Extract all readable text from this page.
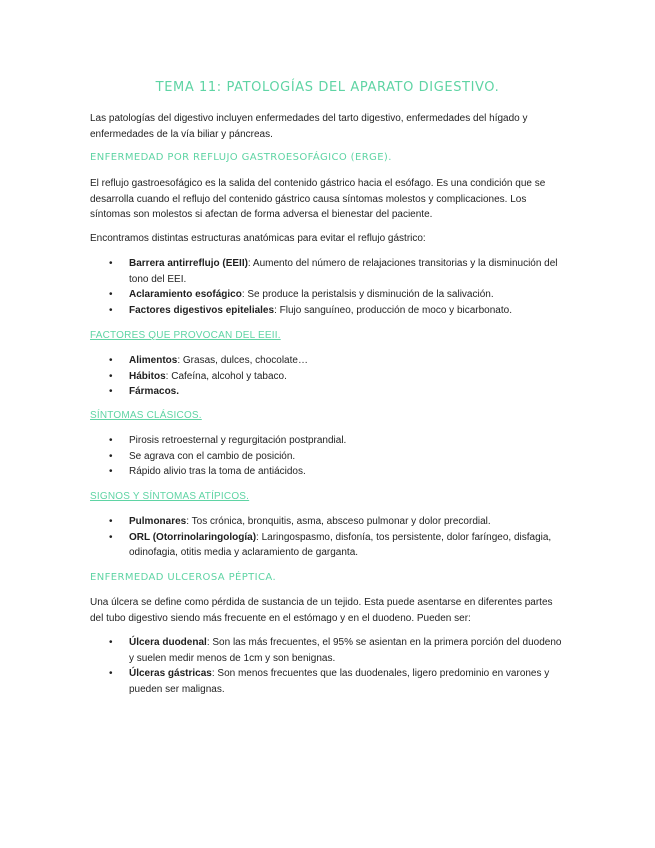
TEMA 11: PATOLOGÍAS DEL APARATO DIGESTIVO.

Las patologías del digestivo incluyen enfermedades del tarto digestivo, enfermedades del hígado y enfermedades de la vía biliar y páncreas.

ENFERMEDAD POR REFLUJO GASTROESOFÁGICO (ERGE).

El reflujo gastroesofágico es la salida del contenido gástrico hacia el esófago. Es una condición que se desarrolla cuando el reflujo del contenido gástrico causa síntomas molestos y complicaciones. Los síntomas son molestos si afectan de forma adversa el bienestar del paciente.

Encontramos distintas estructuras anatómicas para evitar el reflujo gástrico:

• Barrera antirreflujo (EEII): Aumento del número de relajaciones transitorias y la disminución del tono del EEI.
• Aclaramiento esofágico: Se produce la peristalsis y disminución de la salivación.
• Factores digestivos epiteliales: Flujo sanguíneo, producción de moco y bicarbonato.
FACTORES QUE PROVOCAN DEL EEII.
• Alimentos: Grasas, dulces, chocolate…
• Hábitos: Cafeína, alcohol y tabaco.
• Fármacos.
SÍNTOMAS CLÁSICOS.
• Pirosis retroesternal y regurgitación postprandial.
• Se agrava con el cambio de posición.
• Rápido alivio tras la toma de antiácidos.
SIGNOS Y SÍNTOMAS ATÍPICOS.
• Pulmonares: Tos crónica, bronquitis, asma, absceso pulmonar y dolor precordial.
• ORL (Otorrinolaringología): Laringospasmo, disfonía, tos persistente, dolor faríngeo, disfagia, odinofagia, otitis media y aclaramiento de garganta.
ENFERMEDAD ULCEROSA PÉPTICA.

Una úlcera se define como pérdida de sustancia de un tejido. Esta puede asentarse en diferentes partes del tubo digestivo siendo más frecuente en el estómago y en el duodeno. Pueden ser:

• Úlcera duodenal: Son las más frecuentes, el 95% se asientan en la primera porción del duodeno y suelen medir menos de 1cm y son benignas.
• Úlceras gástricas: Son menos frecuentes que las duodenales, ligero predominio en varones y pueden ser malignas.
